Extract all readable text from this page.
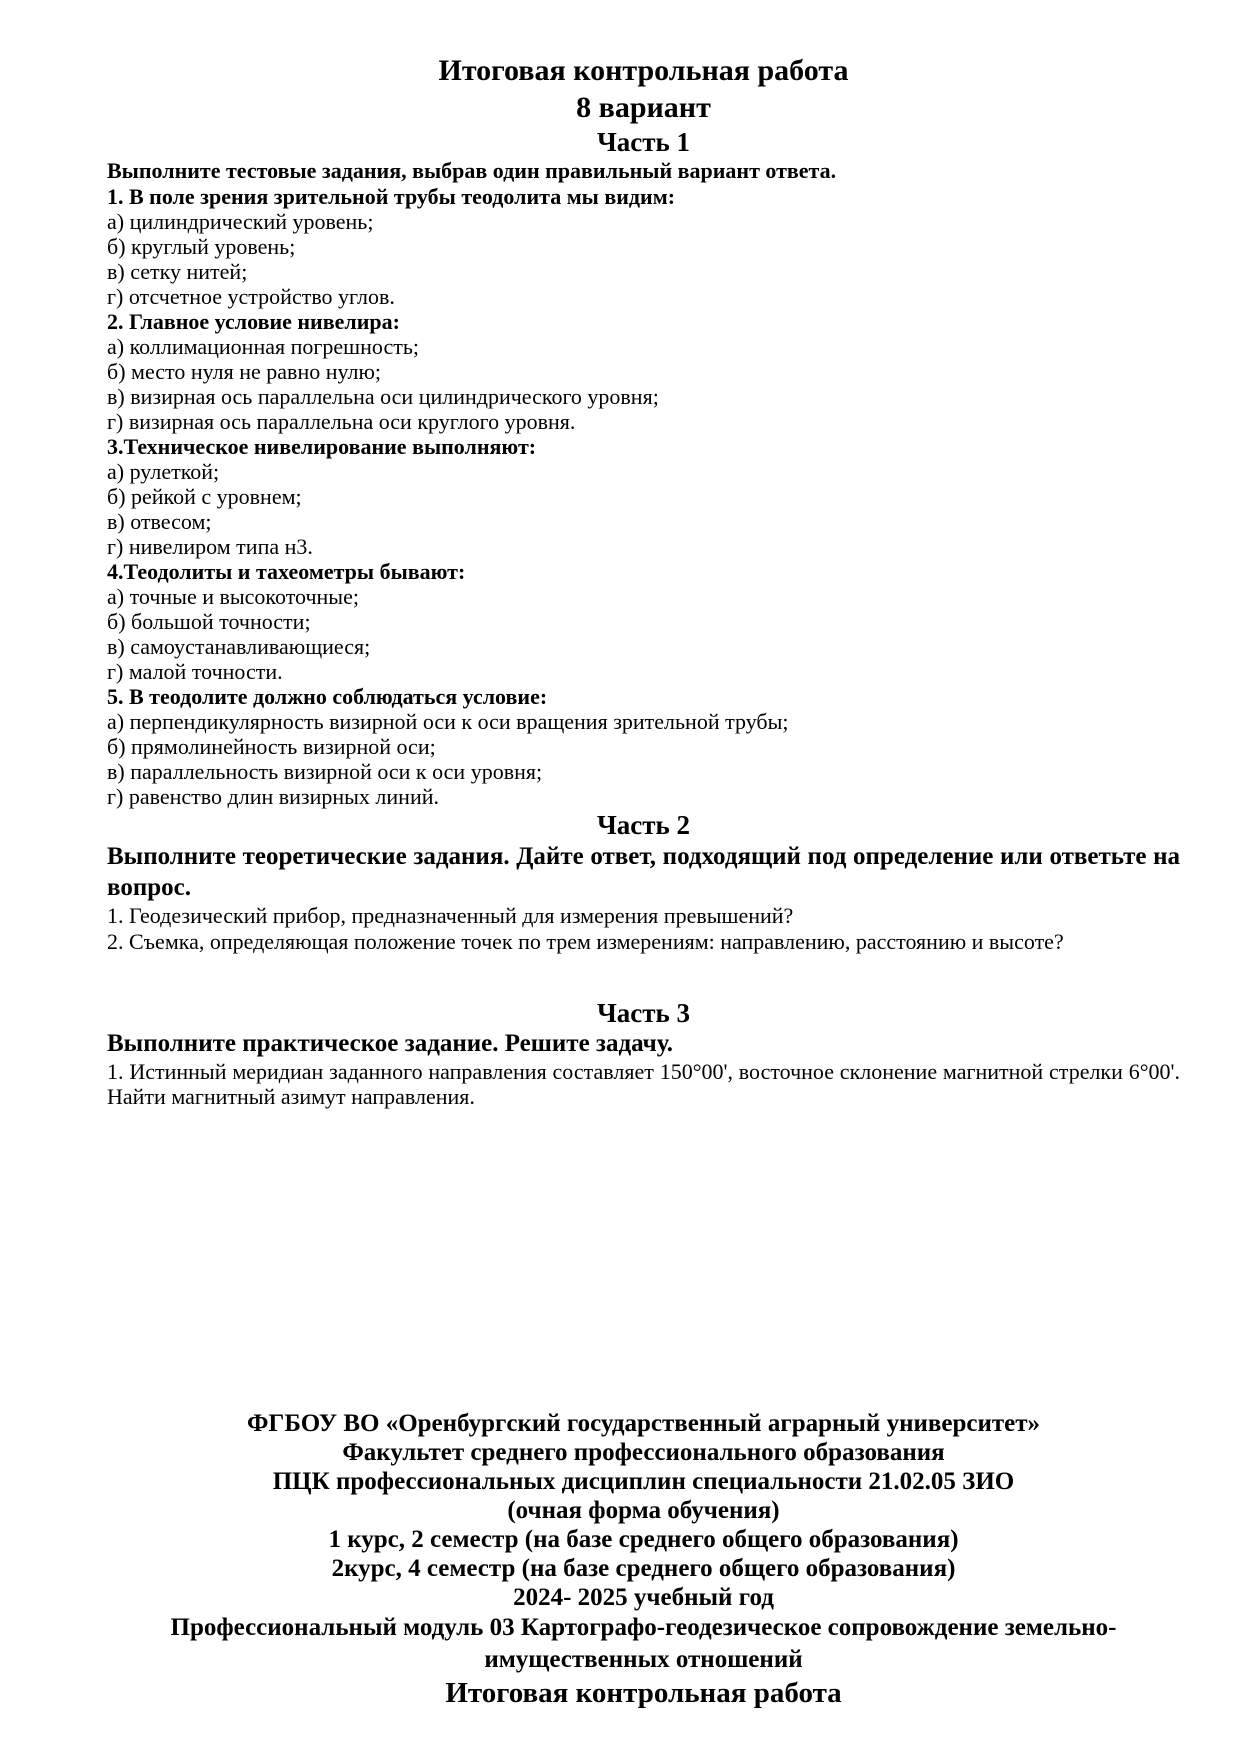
Итоговая контрольная работа
8 вариант
Часть 1

Выполните тестовые задания, выбрав один правильный вариант ответа.

1. В поле зрения зрительной трубы теодолита мы видим:

а) цилиндрический уровень;

б) круглый уровень;

в) сетку нитей;

г) отсчетное устройство углов.

2. Главное условие нивелира:

а) коллимационная погрешность;

б) место нуля не равно нулю;

в) визирная ось параллельна оси цилиндрического уровня;

г) визирная ось параллельна оси круглого уровня.

3.Техническое нивелирование выполняют:

а) рулеткой;

б) рейкой с уровнем;

в) отвесом;

г) нивелиром типа н3.

4.Теодолиты и тахеометры бывают:

а) точные и высокоточные;

б) большой точности;

в) самоустанавливающиеся;

г) малой точности.

5. В теодолите должно соблюдаться условие:

а) перпендикулярность визирной оси к оси вращения зрительной трубы;

б) прямолинейность визирной оси;

в) параллельность визирной оси к оси уровня;

г) равенство длин визирных линий.

Часть 2

Выполните теоретические задания. Дайте ответ, подходящий под определение или ответьте на вопрос.

1. Геодезический прибор, предназначенный для измерения превышений?

2. Съемка, определяющая положение точек по трем измерениям: направлению, расстоянию и высоте?

Часть 3

Выполните практическое задание. Решите задачу.

1. Истинный меридиан заданного направления составляет 150°00', восточное склонение магнитной стрелки 6°00'. Найти магнитный азимут направления.

ФГБОУ ВО «Оренбургский государственный аграрный университет»

Факультет среднего профессионального образования

ПЦК профессиональных дисциплин специальности 21.02.05 ЗИО

(очная форма обучения)

1 курс, 2 семестр (на базе среднего общего образования)

2курс, 4 семестр (на базе среднего общего образования)

2024- 2025 учебный год

Профессиональный модуль 03 Картографо-геодезическое сопровождение земельно-имущественных отношений

Итоговая контрольная работа
